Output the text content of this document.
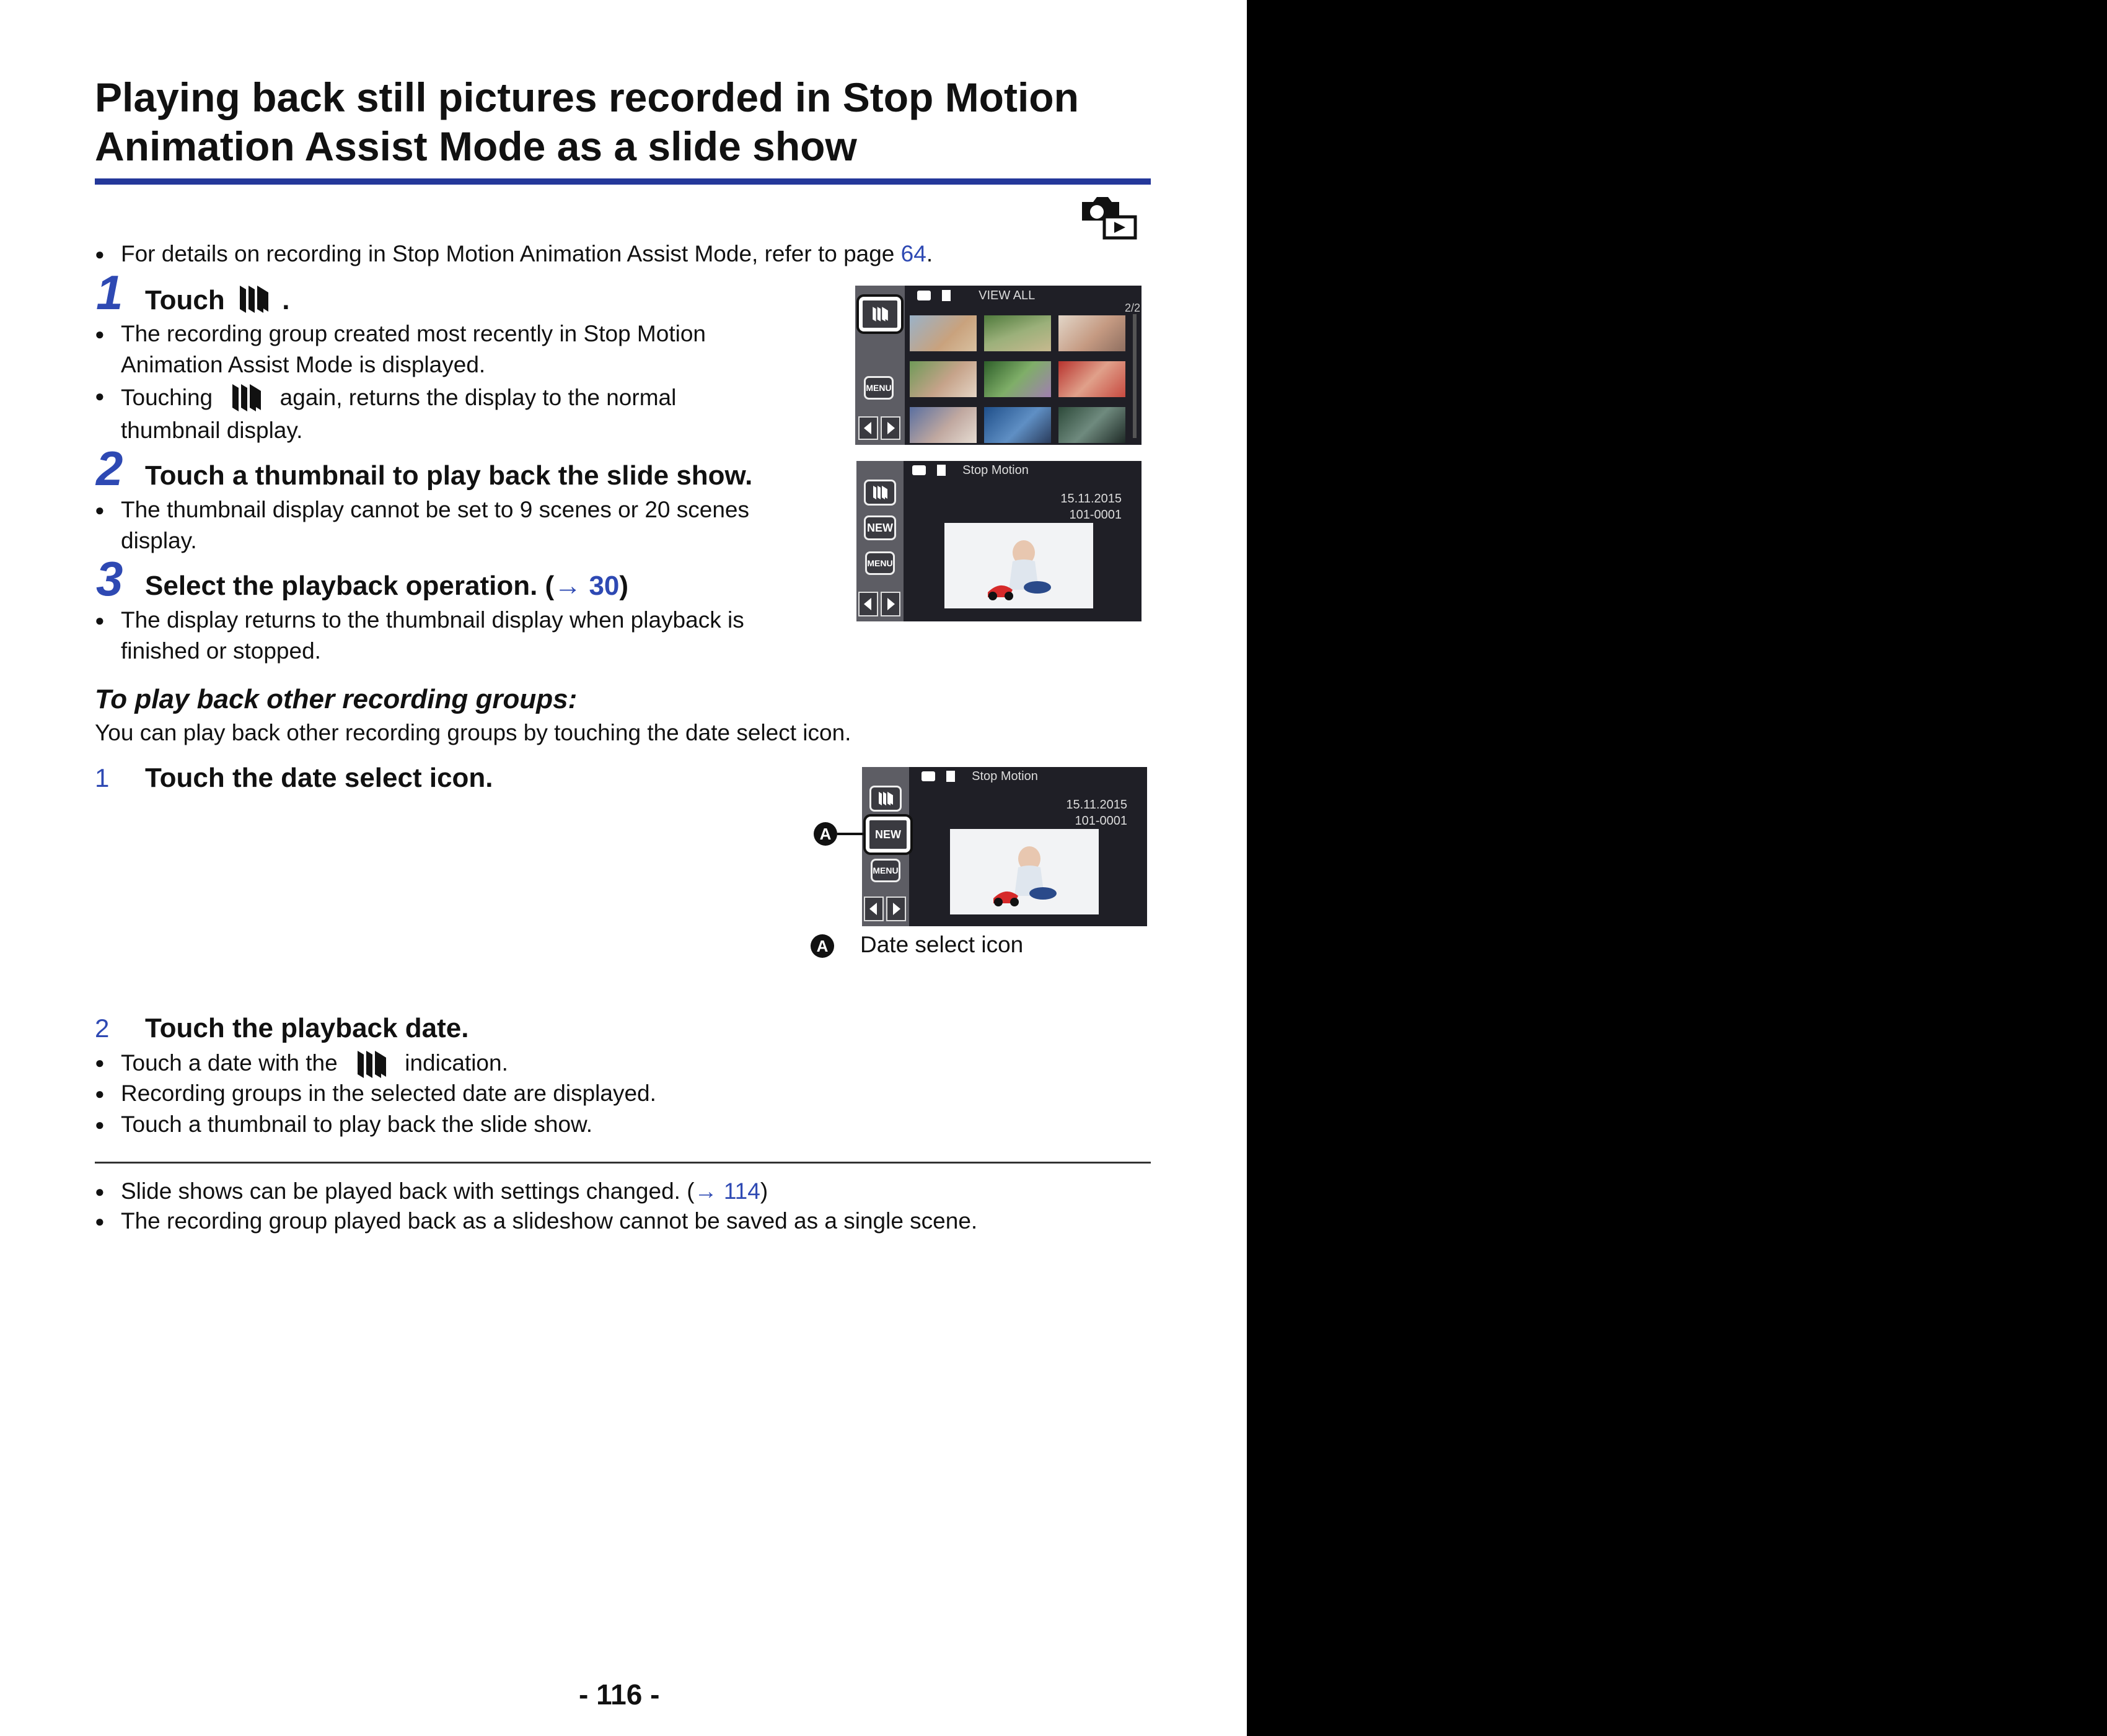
Playing back still pictures recorded in Stop Motion
Animation Assist Mode as a slide show
● For details on recording in Stop Motion Animation Assist Mode, refer to page 64.
1 Touch .
● The recording group created most recently in Stop Motion
Animation Assist Mode is displayed.
● Touching	again, returns the display to the normal
thumbnail display.
2 Touch a thumbnail to play back the slide show.
● The thumbnail display cannot be set to 9 scenes or 20 scenes
display.
3 Select the playback operation. (→ 30)
● The display returns to the thumbnail display when playback is
finished or stopped.
VIEW ALL
2/2
MENU
Stop Motion
15.11.2015
101-0001
NEW
MENU
To play back other recording groups:
You can play back other recording groups by touching the date select icon.
1 Touch the date select icon.	Stop Motion
15.11.2015
101-0001
NEW
MENU
A
A Date select icon
2 Touch the playback date.
● Touch a date with the	indication.
● Recording groups in the selected date are displayed.
● Touch a thumbnail to play back the slide show.
● Slide shows can be played back with settings changed. (→ 114)
● The recording group played back as a slideshow cannot be saved as a single scene.
- 116 -
